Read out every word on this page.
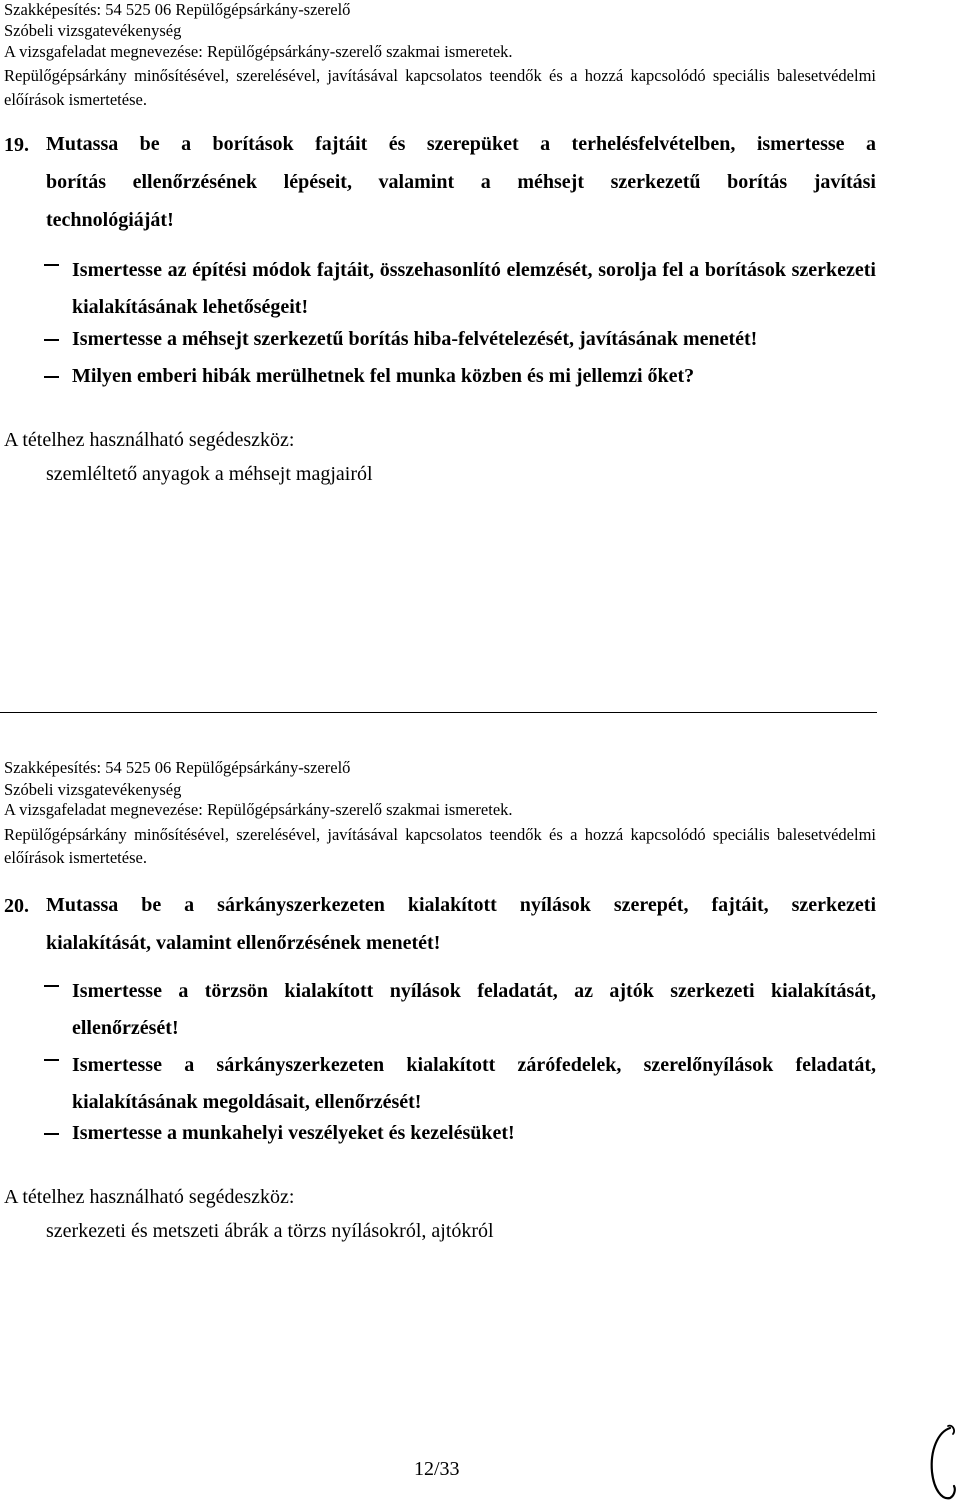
Szakképesítés: 54 525 06 Repülőgépsárkány-szerelő
Szóbeli vizsgatevékenység
A vizsgafeladat megnevezése: Repülőgépsárkány-szerelő szakmai ismeretek.
Repülőgépsárkány minősítésével, szerelésével, javításával kapcsolatos teendők és a hozzá kapcsolódó speciális balesetvédelmi előírások ismertetése.
19. Mutassa be a borítások fajtáit és szerepüket a terhelésfelvételben, ismertesse a
borítás ellenőrzésének lépéseit, valamint a méhsejt szerkezetű borítás javítási
technológiáját!
Ismertesse az építési módok fajtáit, összehasonlító elemzését, sorolja fel a borítások szerkezeti kialakításának lehetőségeit!
Ismertesse a méhsejt szerkezetű borítás hiba-felvételezését, javításának menetét!
Milyen emberi hibák merülhetnek fel munka közben és mi jellemzi őket?
A tételhez használható segédeszköz:
szemléltető anyagok a méhsejt magjairól
Szakképesítés: 54 525 06 Repülőgépsárkány-szerelő
Szóbeli vizsgatevékenység
A vizsgafeladat megnevezése: Repülőgépsárkány-szerelő szakmai ismeretek.
Repülőgépsárkány minősítésével, szerelésével, javításával kapcsolatos teendők és a hozzá kapcsolódó speciális balesetvédelmi előírások ismertetése.
20. Mutassa be a sárkányszerkezeten kialakított nyílások szerepét, fajtáit, szerkezeti
kialakítását, valamint ellenőrzésének menetét!
Ismertesse a törzsön kialakított nyílások feladatát, az ajtók szerkezeti kialakítását, ellenőrzését!
Ismertesse a sárkányszerkezeten kialakított zárófedelek, szerelőnyílások feladatát, kialakításának megoldásait, ellenőrzését!
Ismertesse a munkahelyi veszélyeket és kezelésüket!
A tételhez használható segédeszköz:
szerkezeti és metszeti ábrák a törzs nyílásokról, ajtókról
12/33
